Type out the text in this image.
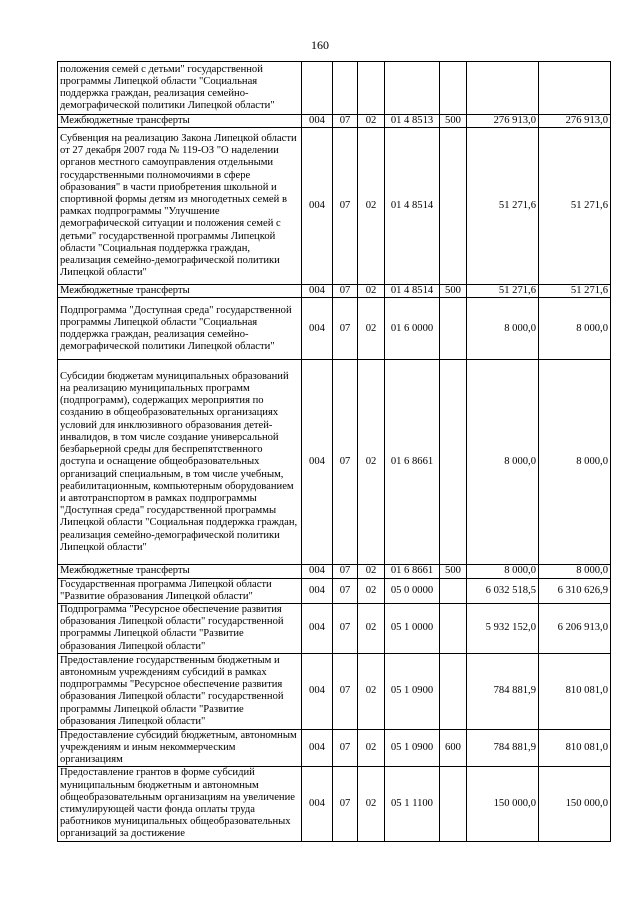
160
положения семей с детьми" государственной программы Липецкой области "Социальная поддержка граждан, реализация семейно-демографической политики Липецкой области"							
Межбюджетные трансферты	004	07	02	01 4 8513	500	276 913,0	276 913,0
Субвенция на реализацию Закона Липецкой области от 27 декабря 2007 года № 119-ОЗ "О наделении органов местного самоуправления отдельными государственными полномочиями в сфере образования" в части приобретения школьной и спортивной формы детям из многодетных семей в рамках подпрограммы "Улучшение демографической ситуации и положения семей с детьми" государственной программы Липецкой области "Социальная поддержка граждан, реализация семейно-демографической политики Липецкой области"	004	07	02	01 4 8514		51 271,6	51 271,6
Межбюджетные трансферты	004	07	02	01 4 8514	500	51 271,6	51 271,6
Подпрограмма "Доступная среда" государственной программы Липецкой области "Социальная поддержка граждан, реализация семейно-демографической политики Липецкой области"	004	07	02	01 6 0000		8 000,0	8 000,0
Субсидии бюджетам муниципальных образований на реализацию муниципальных программ (подпрограмм), содержащих мероприятия по созданию в общеобразовательных организациях условий для инклюзивного образования детей-инвалидов, в том числе создание универсальной безбарьерной среды для беспрепятственного доступа и оснащение общеобразовательных организаций специальным, в том числе учебным, реабилитационным, компьютерным оборудованием и автотранспортом в рамках подпрограммы "Доступная среда" государственной программы Липецкой области "Социальная поддержка граждан, реализация семейно-демографической политики Липецкой области"	004	07	02	01 6 8661		8 000,0	8 000,0
Межбюджетные трансферты	004	07	02	01 6 8661	500	8 000,0	8 000,0
Государственная программа Липецкой области "Развитие образования Липецкой области"	004	07	02	05 0 0000		6 032 518,5	6 310 626,9
Подпрограмма "Ресурсное обеспечение развития образования Липецкой области" государственной программы Липецкой области "Развитие образования Липецкой области"	004	07	02	05 1 0000		5 932 152,0	6 206 913,0
Предоставление государственным бюджетным и автономным учреждениям субсидий в рамках подпрограммы "Ресурсное обеспечение развития образования Липецкой области" государственной программы Липецкой области "Развитие образования Липецкой области"	004	07	02	05 1 0900		784 881,9	810 081,0
Предоставление субсидий бюджетным, автономным учреждениям и иным некоммерческим организациям	004	07	02	05 1 0900	600	784 881,9	810 081,0
Предоставление грантов в форме субсидий муниципальным бюджетным и автономным общеобразовательным организациям на увеличение стимулирующей части фонда оплаты труда работников муниципальных общеобразовательных организаций за достижение	004	07	02	05 1 1100		150 000,0	150 000,0
